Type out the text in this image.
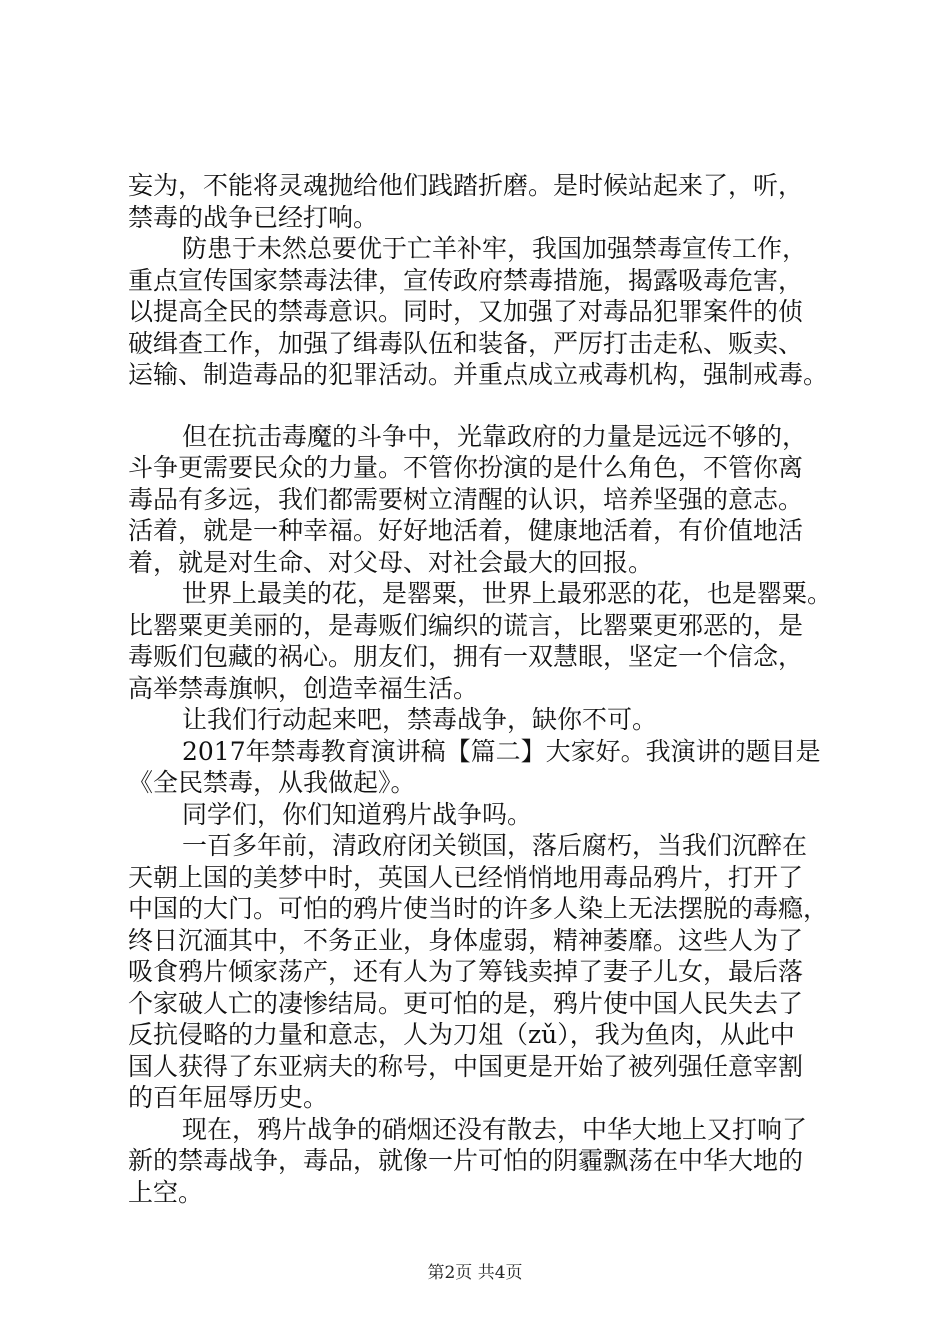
妄为，不能将灵魂抛给他们践踏折磨。是时候站起来了，听，
禁毒的战争已经打响。
防患于未然总要优于亡羊补牢，我国加强禁毒宣传工作，
重点宣传国家禁毒法律，宣传政府禁毒措施，揭露吸毒危害，
以提高全民的禁毒意识。同时，又加强了对毒品犯罪案件的侦
破缉查工作，加强了缉毒队伍和装备，严厉打击走私、贩卖、
运输、制造毒品的犯罪活动。并重点成立戒毒机构，强制戒毒。
但在抗击毒魔的斗争中，光靠政府的力量是远远不够的，
斗争更需要民众的力量。不管你扮演的是什么角色，不管你离
毒品有多远，我们都需要树立清醒的认识，培养坚强的意志。
活着，就是一种幸福。好好地活着，健康地活着，有价值地活
着，就是对生命、对父母、对社会最大的回报。
世界上最美的花，是罂粟，世界上最邪恶的花，也是罂粟。
比罂粟更美丽的，是毒贩们编织的谎言，比罂粟更邪恶的，是
毒贩们包藏的祸心。朋友们，拥有一双慧眼，坚定一个信念，
高举禁毒旗帜，创造幸福生活。
让我们行动起来吧，禁毒战争，缺你不可。
2017年禁毒教育演讲稿【篇二】大家好。我演讲的题目是
《全民禁毒，从我做起》。
同学们，你们知道鸦片战争吗。
一百多年前，清政府闭关锁国，落后腐朽，当我们沉醉在
天朝上国的美梦中时，英国人已经悄悄地用毒品鸦片，打开了
中国的大门。可怕的鸦片使当时的许多人染上无法摆脱的毒瘾，
终日沉湎其中，不务正业，身体虚弱，精神萎靡。这些人为了
吸食鸦片倾家荡产，还有人为了筹钱卖掉了妻子儿女，最后落
个家破人亡的凄惨结局。更可怕的是，鸦片使中国人民失去了
反抗侵略的力量和意志，人为刀俎（zǔ），我为鱼肉，从此中
国人获得了东亚病夫的称号，中国更是开始了被列强任意宰割
的百年屈辱历史。
现在，鸦片战争的硝烟还没有散去，中华大地上又打响了
新的禁毒战争，毒品，就像一片可怕的阴霾飘荡在中华大地的
上空。
第2页 共4页
